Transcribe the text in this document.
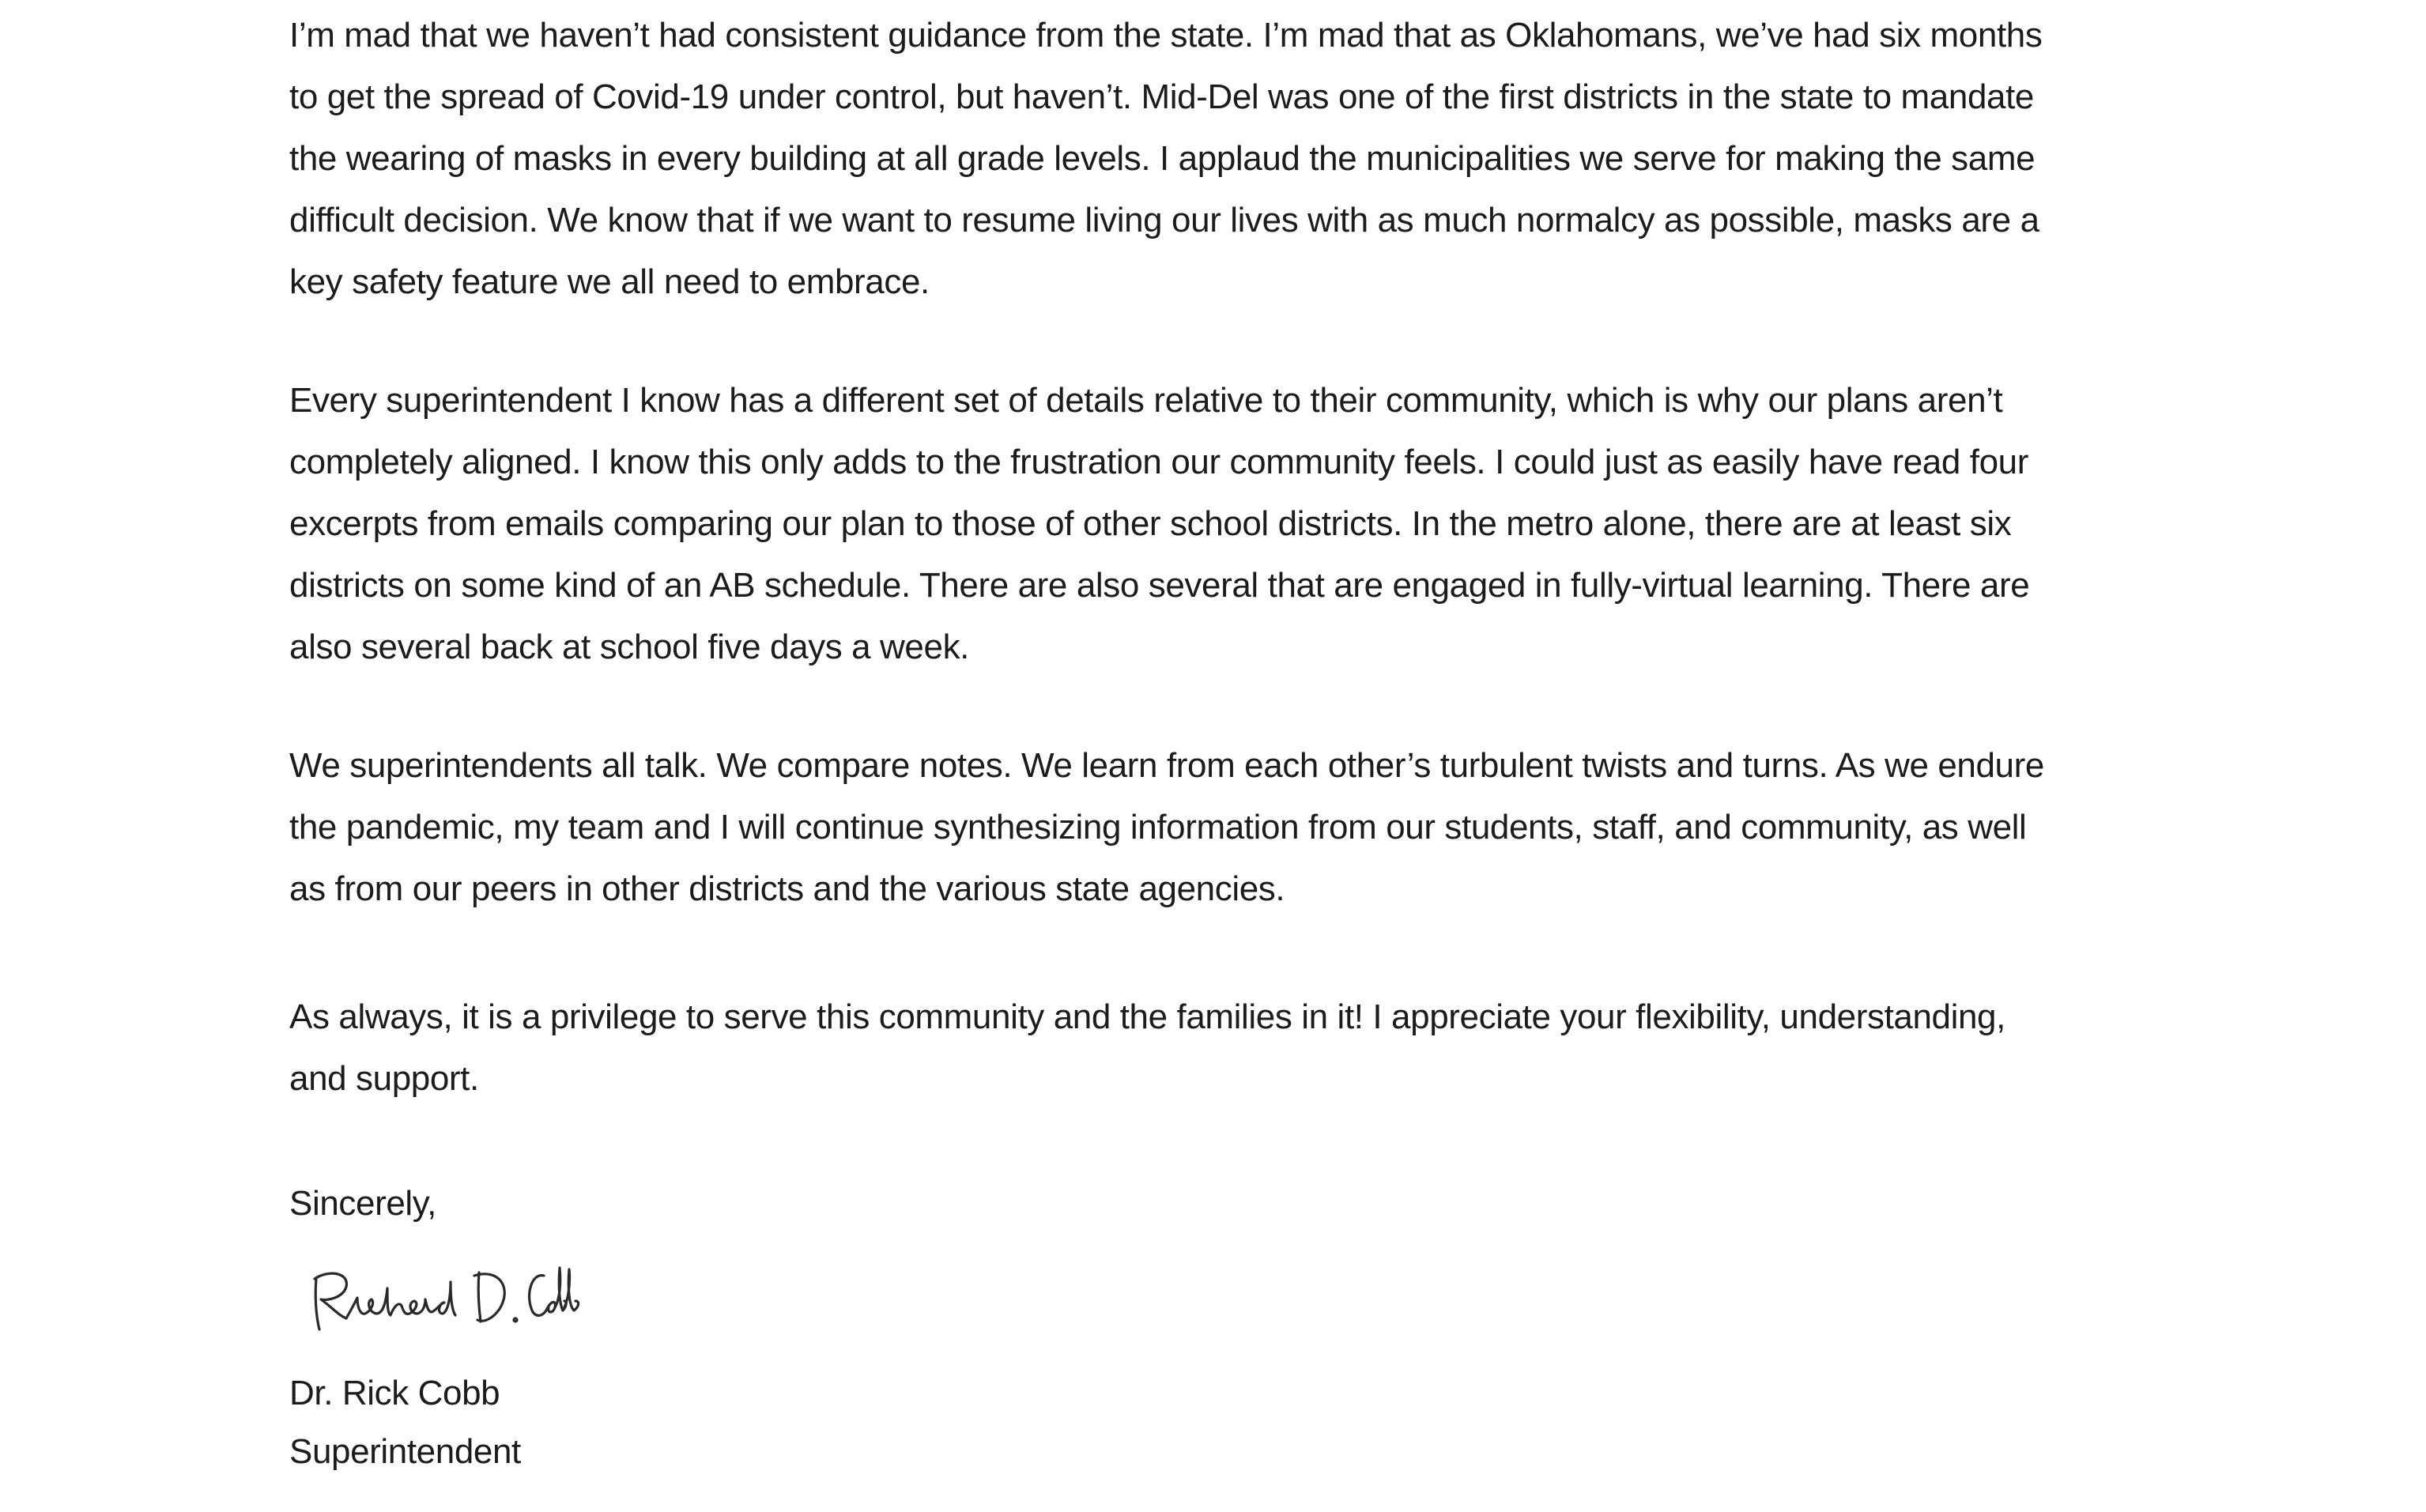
I’m mad that we haven’t had consistent guidance from the state. I’m mad that as Oklahomans, we’ve had six months
to get the spread of Covid-19 under control, but haven’t. Mid-Del was one of the first districts in the state to mandate
the wearing of masks in every building at all grade levels. I applaud the municipalities we serve for making the same
difficult decision. We know that if we want to resume living our lives with as much normalcy as possible, masks are a
key safety feature we all need to embrace.

Every superintendent I know has a different set of details relative to their community, which is why our plans aren’t
completely aligned. I know this only adds to the frustration our community feels. I could just as easily have read four
excerpts from emails comparing our plan to those of other school districts. In the metro alone, there are at least six
districts on some kind of an AB schedule. There are also several that are engaged in fully-virtual learning. There are
also several back at school five days a week.

We superintendents all talk. We compare notes. We learn from each other’s turbulent twists and turns. As we endure
the pandemic, my team and I will continue synthesizing information from our students, staff, and community, as well
as from our peers in other districts and the various state agencies.

As always, it is a privilege to serve this community and the families in it! I appreciate your flexibility, understanding,
and support.

Sincerely,

Dr. Rick Cobb
Superintendent
